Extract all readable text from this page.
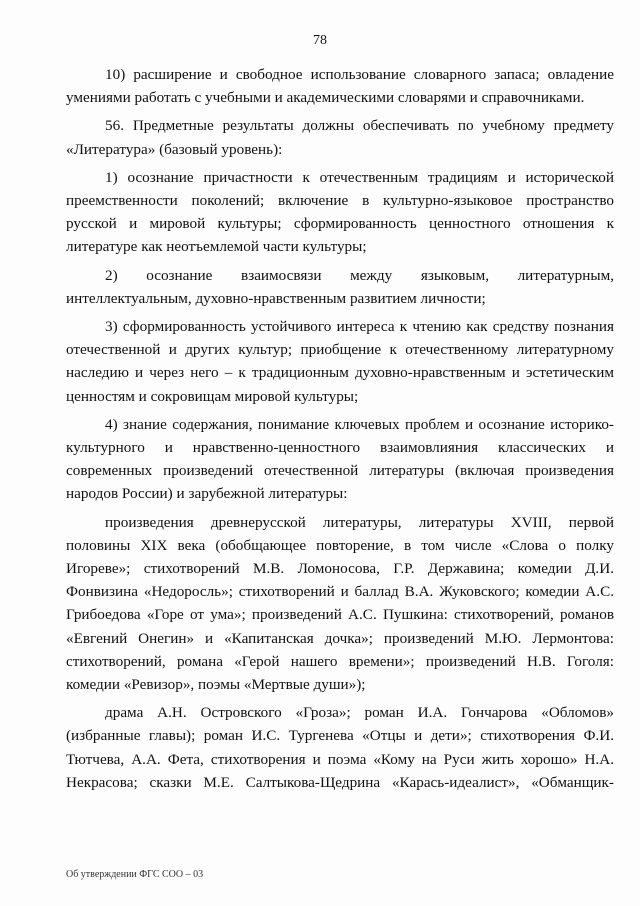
78

10) расширение и свободное использование словарного запаса; овладение умениями работать с учебными и академическими словарями и справочниками.

56. Предметные результаты должны обеспечивать по учебному предмету «Литература» (базовый уровень):

1) осознание причастности к отечественным традициям и исторической преемственности поколений; включение в культурно-языковое пространство русской и мировой культуры; сформированность ценностного отношения к литературе как неотъемлемой части культуры;

2) осознание взаимосвязи между языковым, литературным, интеллектуальным, духовно-нравственным развитием личности;

3) сформированность устойчивого интереса к чтению как средству познания отечественной и других культур; приобщение к отечественному литературному наследию и через него – к традиционным духовно-нравственным и эстетическим ценностям и сокровищам мировой культуры;

4) знание содержания, понимание ключевых проблем и осознание историко-культурного и нравственно-ценностного взаимовлияния классических и современных произведений отечественной литературы (включая произведения народов России) и зарубежной литературы:

произведения древнерусской литературы, литературы XVIII, первой половины XIX века (обобщающее повторение, в том числе «Слова о полку Игореве»; стихотворений М.В. Ломоносова, Г.Р. Державина; комедии Д.И. Фонвизина «Недоросль»; стихотворений и баллад В.А. Жуковского; комедии А.С. Грибоедова «Горе от ума»; произведений А.С. Пушкина: стихотворений, романов «Евгений Онегин» и «Капитанская дочка»; произведений М.Ю. Лермонтова: стихотворений, романа «Герой нашего времени»; произведений Н.В. Гоголя: комедии «Ревизор», поэмы «Мертвые души»);

драма А.Н. Островского «Гроза»; роман И.А. Гончарова «Обломов» (избранные главы); роман И.С. Тургенева «Отцы и дети»; стихотворения Ф.И. Тютчева, А.А. Фета, стихотворения и поэма «Кому на Руси жить хорошо» Н.А. Некрасова; сказки М.Е. Салтыкова-Щедрина «Карась-идеалист», «Обманщик-

Об утверждении ФГС СОО – 03
